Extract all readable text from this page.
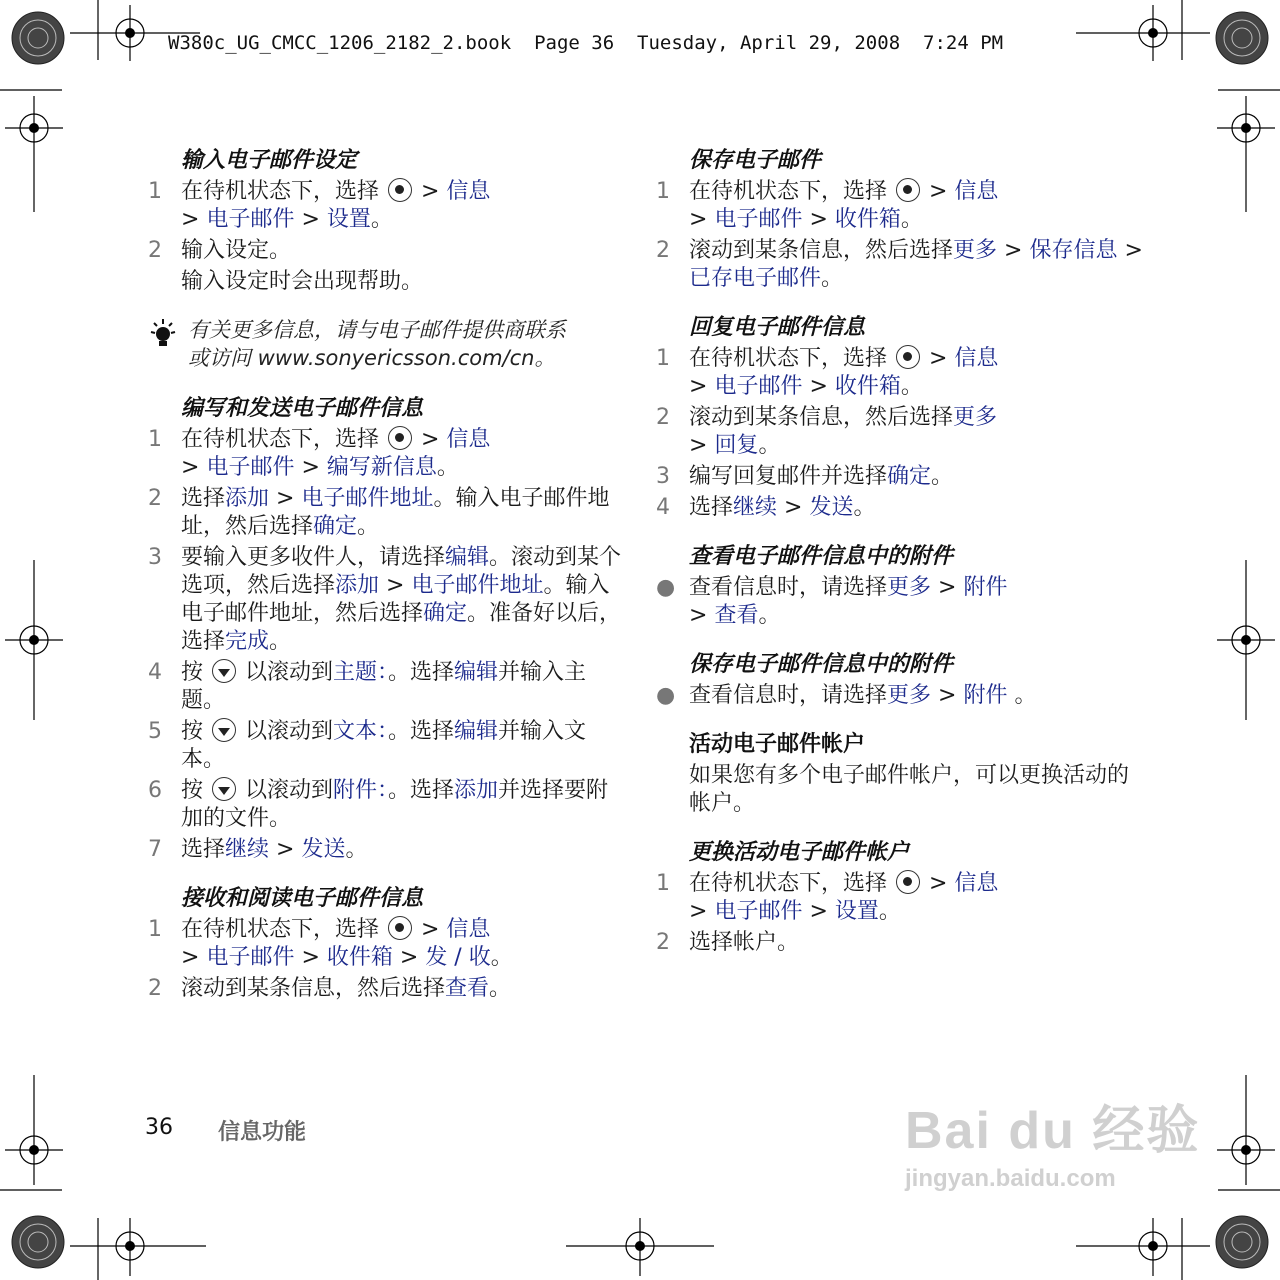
W380c_UG_CMCC_1206_2182_2.book Page 36 Tuesday, April 29, 2008 7:24 PM
输入电子邮件设定
1 在待机状态下，选择  > 信息
> 电子邮件 > 设置。
2 输入设定。
输入设定时会出现帮助。
有关更多信息，请与电子邮件提供商联系
或访问 www.sonyericsson.com/cn。
编写和发送电子邮件信息
1 在待机状态下，选择  > 信息
> 电子邮件 > 编写新信息。
2 选择添加 > 电子邮件地址。输入电子邮件地址，然后选择确定。
3 要输入更多收件人，请选择编辑。滚动到某个选项，然后选择添加 > 电子邮件地址。输入电子邮件地址，然后选择确定。准备好以后，选择完成。
4 按  以滚动到主题：。选择编辑并输入主题。
5 按  以滚动到文本：。选择编辑并输入文本。
6 按  以滚动到附件：。选择添加并选择要附加的文件。
7 选择继续 > 发送。
接收和阅读电子邮件信息
1 在待机状态下，选择  > 信息
> 电子邮件 > 收件箱 > 发 / 收。
2 滚动到某条信息，然后选择查看。
保存电子邮件
1 在待机状态下，选择  > 信息
> 电子邮件 > 收件箱。
2 滚动到某条信息，然后选择更多 > 保存信息 > 已存电子邮件。
回复电子邮件信息
1 在待机状态下，选择  > 信息
> 电子邮件 > 收件箱。
2 滚动到某条信息，然后选择更多
> 回复。
3 编写回复邮件并选择确定。
4 选择继续 > 发送。
查看电子邮件信息中的附件
● 查看信息时，请选择更多 > 附件
> 查看。
保存电子邮件信息中的附件
● 查看信息时，请选择更多 > 附件 。
活动电子邮件帐户
如果您有多个电子邮件帐户，可以更换活动的帐户。
更换活动电子邮件帐户
1 在待机状态下，选择  > 信息
> 电子邮件 > 设置。
2 选择帐户。
36 信息功能	Bai du 经验
jingyan.baidu.com
